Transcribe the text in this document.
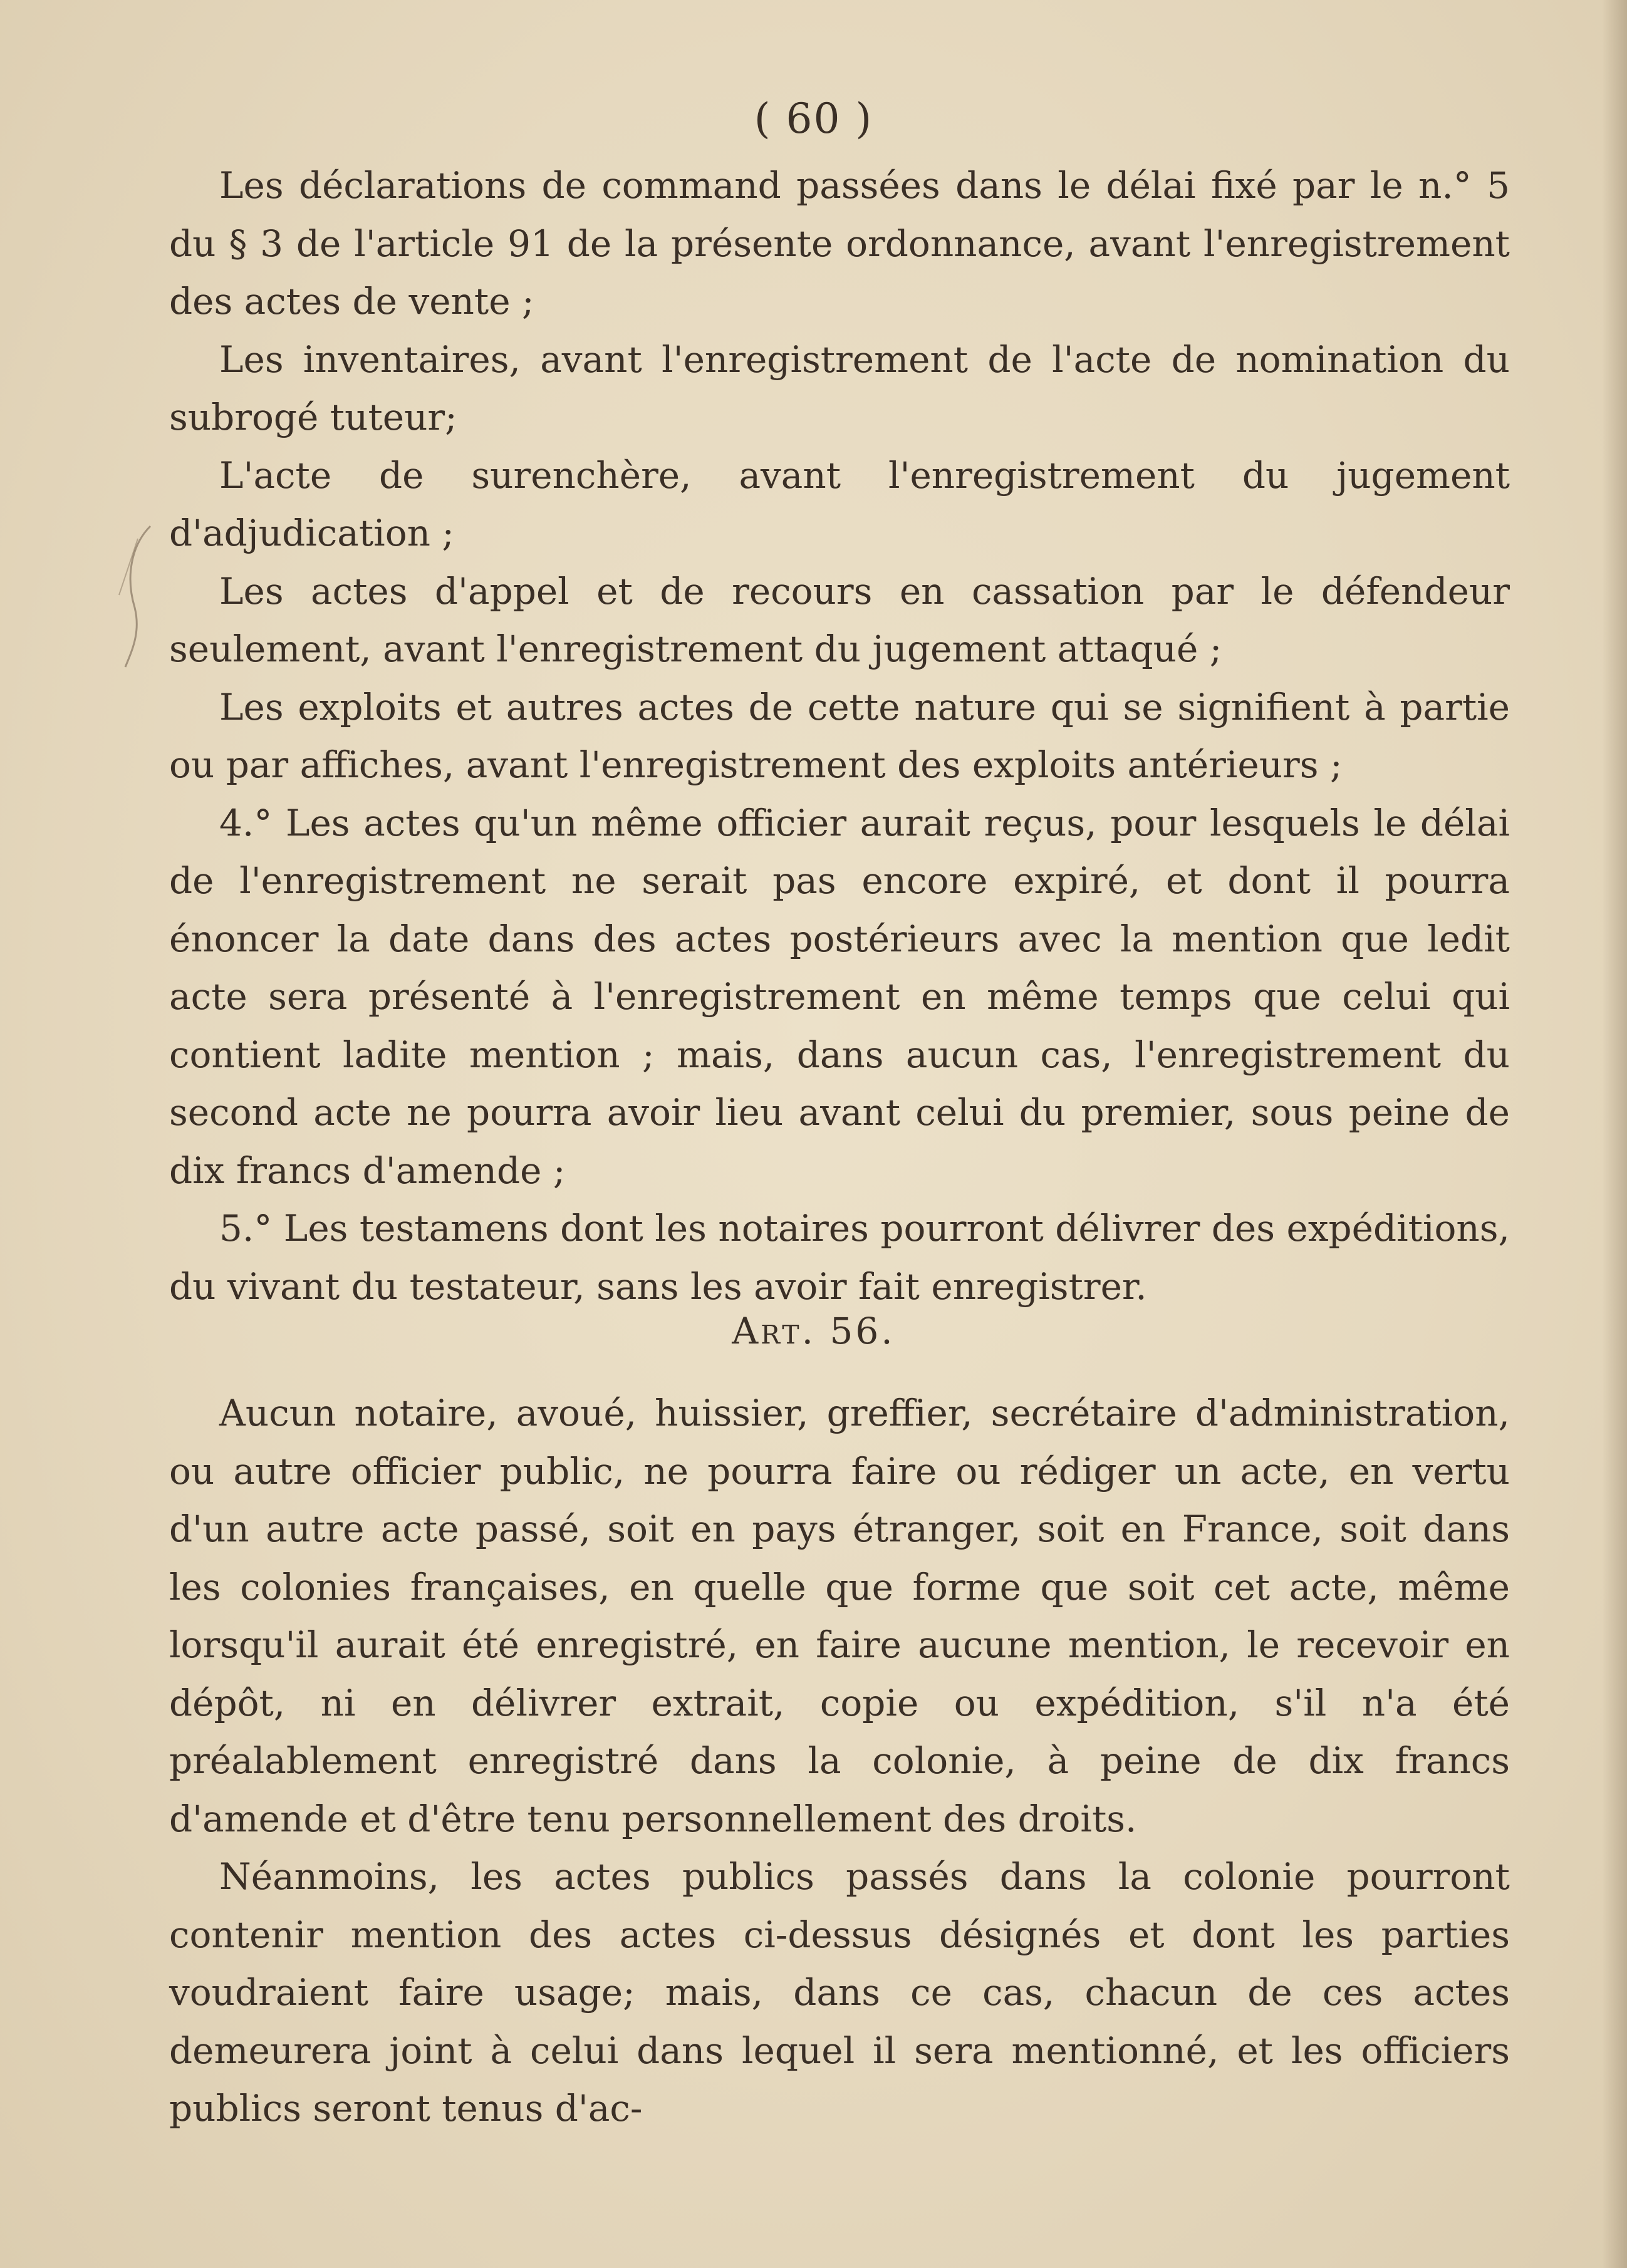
( 60 )

Les déclarations de command passées dans le délai fixé par le n.° 5 du § 3 de l'article 91 de la présente ordonnance, avant l'enregistrement des actes de vente ;

Les inventaires, avant l'enregistrement de l'acte de nomination du subrogé tuteur;

L'acte de surenchère, avant l'enregistrement du jugement d'adjudication ;

Les actes d'appel et de recours en cassation par le défendeur seulement, avant l'enregistrement du jugement attaqué ;

Les exploits et autres actes de cette nature qui se signifient à partie ou par affiches, avant l'enregistrement des exploits antérieurs ;

4.° Les actes qu'un même officier aurait reçus, pour lesquels le délai de l'enregistrement ne serait pas encore expiré, et dont il pourra énoncer la date dans des actes postérieurs avec la mention que ledit acte sera présenté à l'enregistrement en même temps que celui qui contient ladite mention ; mais, dans aucun cas, l'enregistrement du second acte ne pourra avoir lieu avant celui du premier, sous peine de dix francs d'amende ;

5.° Les testamens dont les notaires pourront délivrer des expéditions, du vivant du testateur, sans les avoir fait enregistrer.

Art. 56.

Aucun notaire, avoué, huissier, greffier, secrétaire d'administration, ou autre officier public, ne pourra faire ou rédiger un acte, en vertu d'un autre acte passé, soit en pays étranger, soit en France, soit dans les colonies françaises, en quelle que forme que soit cet acte, même lorsqu'il aurait été enregistré, en faire aucune mention, le recevoir en dépôt, ni en délivrer extrait, copie ou expédition, s'il n'a été préalablement enregistré dans la colonie, à peine de dix francs d'amende et d'être tenu personnellement des droits.

Néanmoins, les actes publics passés dans la colonie pourront contenir mention des actes ci-dessus désignés et dont les parties voudraient faire usage; mais, dans ce cas, chacun de ces actes demeurera joint à celui dans lequel il sera mentionné, et les officiers publics seront tenus d'ac-
